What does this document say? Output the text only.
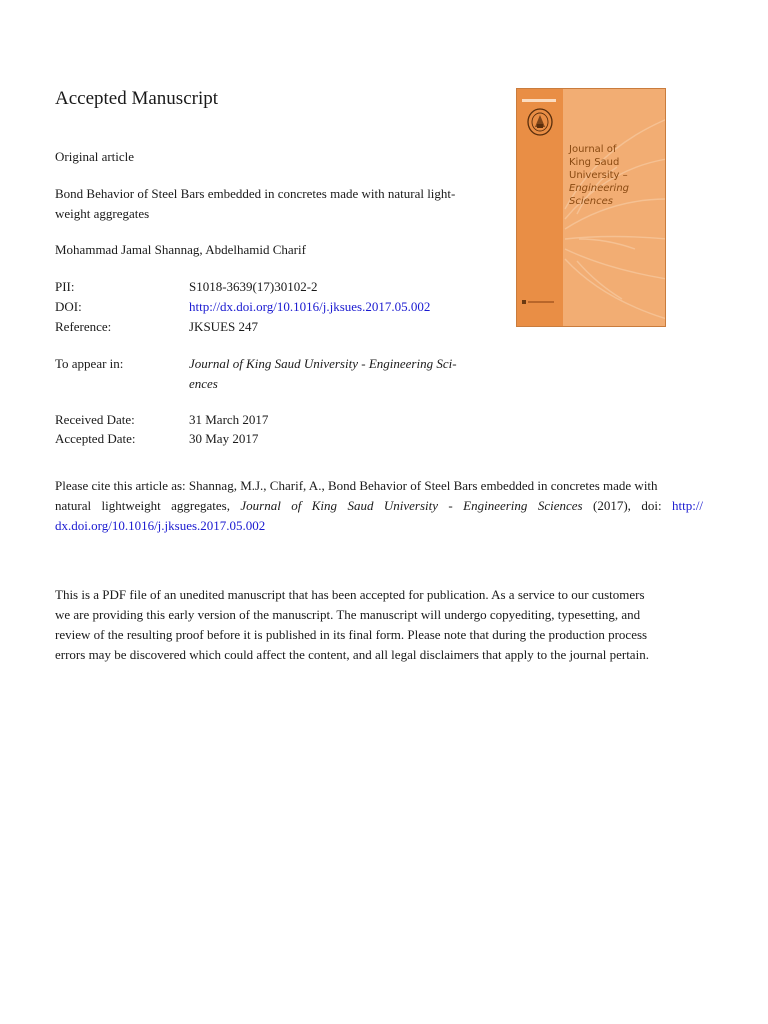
Accepted Manuscript
Original article
Bond Behavior of Steel Bars embedded in concretes made with natural light-
weight aggregates
Mohammad Jamal Shannag, Abdelhamid Charif
PII:	S1018-3639(17)30102-2
DOI:	http://dx.doi.org/10.1016/j.jksues.2017.05.002
Reference:	JKSUES 247
To appear in:	Journal of King Saud University - Engineering Sci-
ences
Received Date:	31 March 2017
Accepted Date:	30 May 2017
Please cite this article as: Shannag, M.J., Charif, A., Bond Behavior of Steel Bars embedded in concretes made with
natural lightweight aggregates, Journal of King Saud University - Engineering Sciences (2017), doi: http://
dx.doi.org/10.1016/j.jksues.2017.05.002
This is a PDF file of an unedited manuscript that has been accepted for publication. As a service to our customers
we are providing this early version of the manuscript. The manuscript will undergo copyediting, typesetting, and
review of the resulting proof before it is published in its final form. Please note that during the production process
errors may be discovered which could affect the content, and all legal disclaimers that apply to the journal pertain.
Journal of
King Saud University –
Engineering Sciences
